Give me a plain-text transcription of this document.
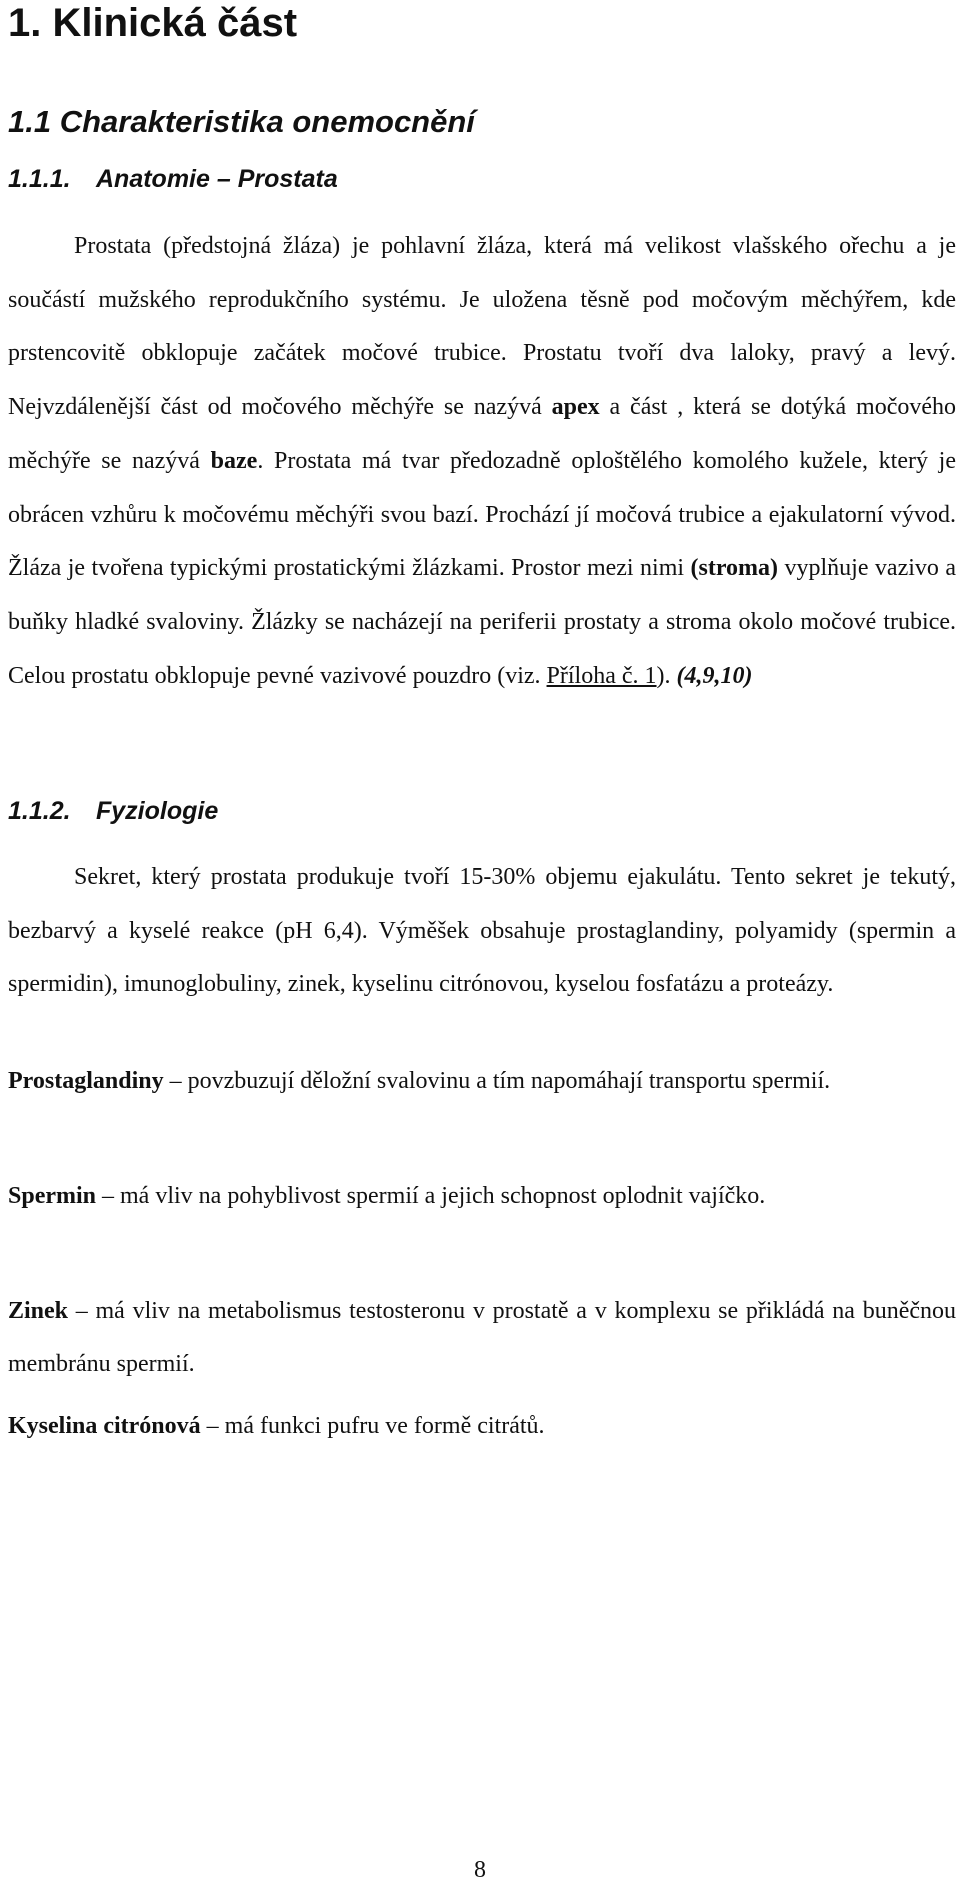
1. Klinická část
1.1 Charakteristika onemocnění
1.1.1. Anatomie – Prostata

Prostata (předstojná žláza) je pohlavní žláza, která má velikost vlašského ořechu a je součástí mužského reprodukčního systému. Je uložena těsně pod močovým měchýřem, kde prstencovitě obklopuje začátek močové trubice. Prostatu tvoří dva laloky, pravý a levý. Nejvzdálenější část od močového měchýře se nazývá apex a část , která se dotýká močového měchýře se nazývá baze. Prostata má tvar předozadně oploštělého komolého kužele, který je obrácen vzhůru k močovému měchýři svou bazí. Prochází jí močová trubice a ejakulatorní vývod. Žláza je tvořena typickými prostatickými žlázkami. Prostor mezi nimi (stroma) vyplňuje vazivo a buňky hladké svaloviny. Žlázky se nacházejí na periferii prostaty a stroma okolo močové trubice. Celou prostatu obklopuje pevné vazivové pouzdro (viz. Příloha č. 1). (4,9,10)

1.1.2. Fyziologie

Sekret, který prostata produkuje tvoří 15-30% objemu ejakulátu. Tento sekret je tekutý, bezbarvý a kyselé reakce (pH 6,4). Výměšek obsahuje prostaglandiny, polyamidy (spermin a spermidin), imunoglobuliny, zinek, kyselinu citrónovou, kyselou fosfatázu a proteázy.

Prostaglandiny – povzbuzují děložní svalovinu a tím napomáhají transportu spermií.

Spermin – má vliv na pohyblivost spermií a jejich schopnost oplodnit vajíčko.

Zinek – má vliv na metabolismus testosteronu v prostatě a v komplexu se přikládá na buněčnou membránu spermií.

Kyselina citrónová – má funkci pufru ve formě citrátů.

8
